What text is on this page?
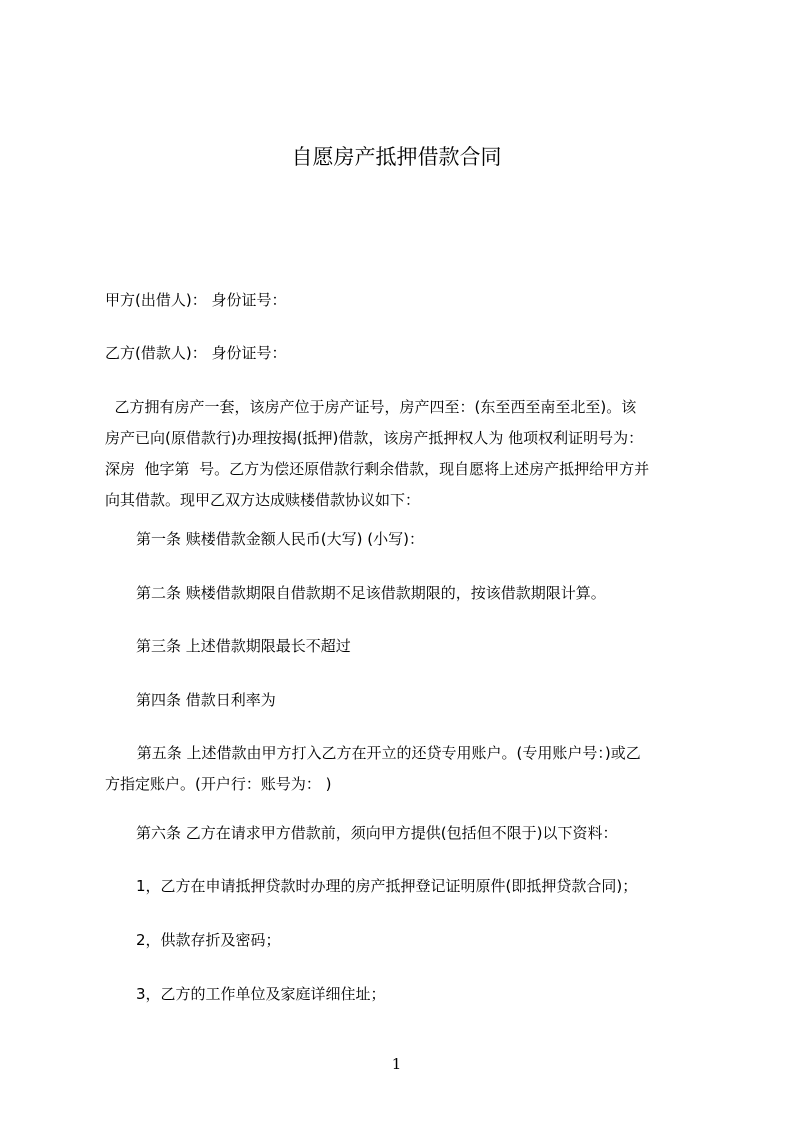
自愿房产抵押借款合同
甲方(出借人)： 身份证号：
乙方(借款人)： 身份证号：
乙方拥有房产一套，该房产位于房产证号，房产四至：(东至西至南至北至)。该
房产已向(原借款行)办理按揭(抵押)借款，该房产抵押权人为 他项权利证明号为：
深房  他字第  号。乙方为偿还原借款行剩余借款，现自愿将上述房产抵押给甲方并
向其借款。现甲乙双方达成赎楼借款协议如下：
第一条 赎楼借款金额人民币(大写) (小写)：
第二条 赎楼借款期限自借款期不足该借款期限的，按该借款期限计算。
第三条 上述借款期限最长不超过
第四条 借款日利率为
第五条 上述借款由甲方打入乙方在开立的还贷专用账户。(专用账户号：)或乙
方指定账户。(开户行：账号为： )
第六条 乙方在请求甲方借款前，须向甲方提供(包括但不限于)以下资料：
1，乙方在申请抵押贷款时办理的房产抵押登记证明原件(即抵押贷款合同)；
2，供款存折及密码；
3，乙方的工作单位及家庭详细住址；
1
